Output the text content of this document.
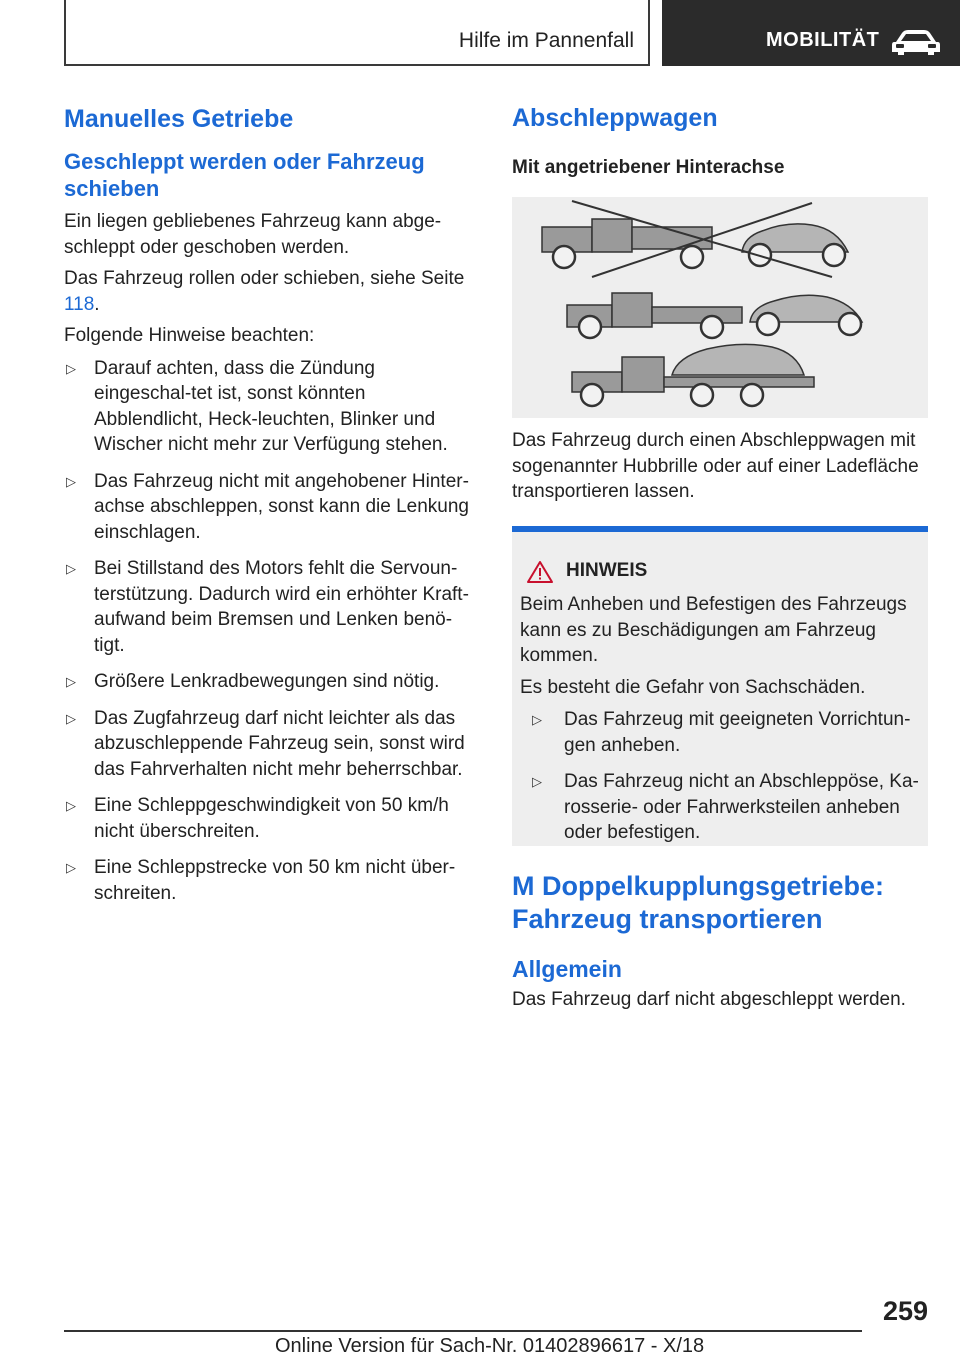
Hilfe im Pannenfall	MOBILITÄT
Manuelles Getriebe
Geschleppt werden oder Fahrzeug schieben
Ein liegen gebliebenes Fahrzeug kann abge-schleppt oder geschoben werden.
Das Fahrzeug rollen oder schieben, siehe Seite 118.
Folgende Hinweise beachten:
▷ Darauf achten, dass die Zündung eingeschal-tet ist, sonst könnten Abblendlicht, Heck-leuchten, Blinker und Wischer nicht mehr zur Verfügung stehen.
▷ Das Fahrzeug nicht mit angehobener Hinter-achse abschleppen, sonst kann die Lenkung einschlagen.
▷ Bei Stillstand des Motors fehlt die Servoun-terstützung. Dadurch wird ein erhöhter Kraft-aufwand beim Bremsen und Lenken benö-tigt.
▷ Größere Lenkradbewegungen sind nötig.
▷ Das Zugfahrzeug darf nicht leichter als das abzuschleppende Fahrzeug sein, sonst wird das Fahrverhalten nicht mehr beherrschbar.
▷ Eine Schleppgeschwindigkeit von 50 km/h nicht überschreiten.
▷ Eine Schleppstrecke von 50 km nicht über-schreiten.
Abschleppwagen
Mit angetriebener Hinterachse
Das Fahrzeug durch einen Abschleppwagen mit sogenannter Hubbrille oder auf einer Ladefläche transportieren lassen.
HINWEIS
Beim Anheben und Befestigen des Fahrzeugs kann es zu Beschädigungen am Fahrzeug kommen.
Es besteht die Gefahr von Sachschäden.
▷ Das Fahrzeug mit geeigneten Vorrichtun-gen anheben.
▷ Das Fahrzeug nicht an Abschleppöse, Ka-rosserie- oder Fahrwerksteilen anheben oder befestigen.
M Doppelkupplungsgetriebe: Fahrzeug transportieren
Allgemein
Das Fahrzeug darf nicht abgeschleppt werden.
259
Online Version für Sach-Nr. 01402896617 - X/18
